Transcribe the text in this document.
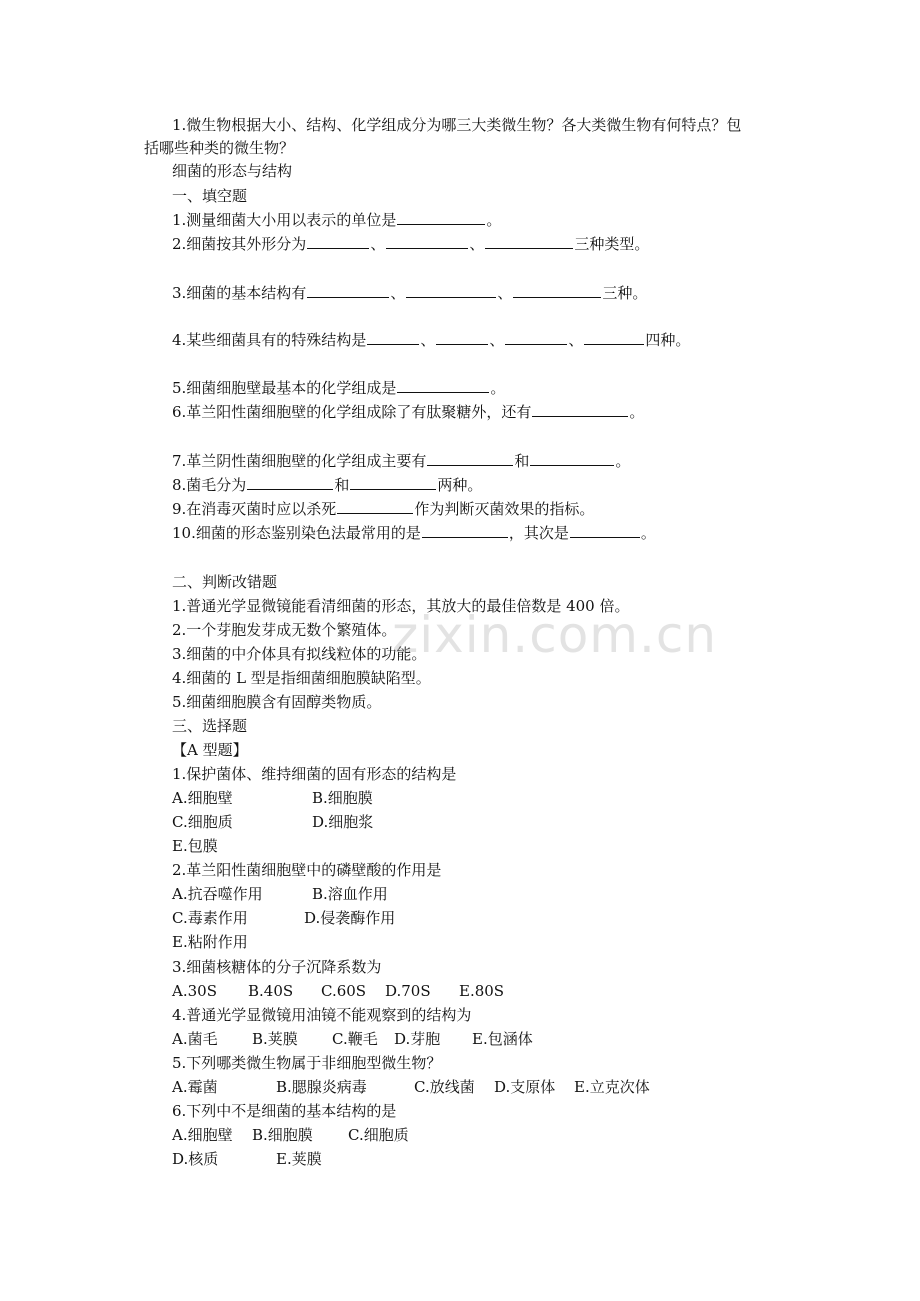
1.微生物根据大小、结构、化学组成分为哪三大类微生物？各大类微生物有何特点？包
括哪些种类的微生物？
细菌的形态与结构
一、填空题
1.测量细菌大小用以表示的单位是	。
2.细菌按其外形分为	、	、	三种类型。
3.细菌的基本结构有	、	、	三种。
4.某些细菌具有的特殊结构是	、	、	、	四种。
5.细菌细胞壁最基本的化学组成是	。
6.革兰阳性菌细胞壁的化学组成除了有肽聚糖外，还有	。
7.革兰阴性菌细胞壁的化学组成主要有	和	。
8.菌毛分为	和	两种。
9.在消毒灭菌时应以杀死	作为判断灭菌效果的指标。
10.细菌的形态鉴别染色法最常用的是	，其次是	。
二、判断改错题
1.普通光学显微镜能看清细菌的形态，其放大的最佳倍数是 400 倍。
2.一个芽胞发芽成无数个繁殖体。
3.细菌的中介体具有拟线粒体的功能。
4.细菌的 L 型是指细菌细胞膜缺陷型。
5.细菌细胞膜含有固醇类物质。
三、选择题
【A 型题】
1.保护菌体、维持细菌的固有形态的结构是
A.细胞壁	B.细胞膜
C.细胞质	D.细胞浆
E.包膜
2.革兰阳性菌细胞壁中的磷壁酸的作用是
A.抗吞噬作用	B.溶血作用
C.毒素作用	D.侵袭酶作用
E.粘附作用
3.细菌核糖体的分子沉降系数为
A.30S B.40S C.60S D.70S E.80S
4.普通光学显微镜用油镜不能观察到的结构为
A.菌毛 B.荚膜 C.鞭毛 D.芽胞 E.包涵体
5.下列哪类微生物属于非细胞型微生物？
A.霉菌	B.腮腺炎病毒	C.放线菌 D.支原体 E.立克次体
6.下列中不是细菌的基本结构的是
A.细胞壁 B.细胞膜 C.细胞质
D.核质	E.荚膜
zixin.com.cn
